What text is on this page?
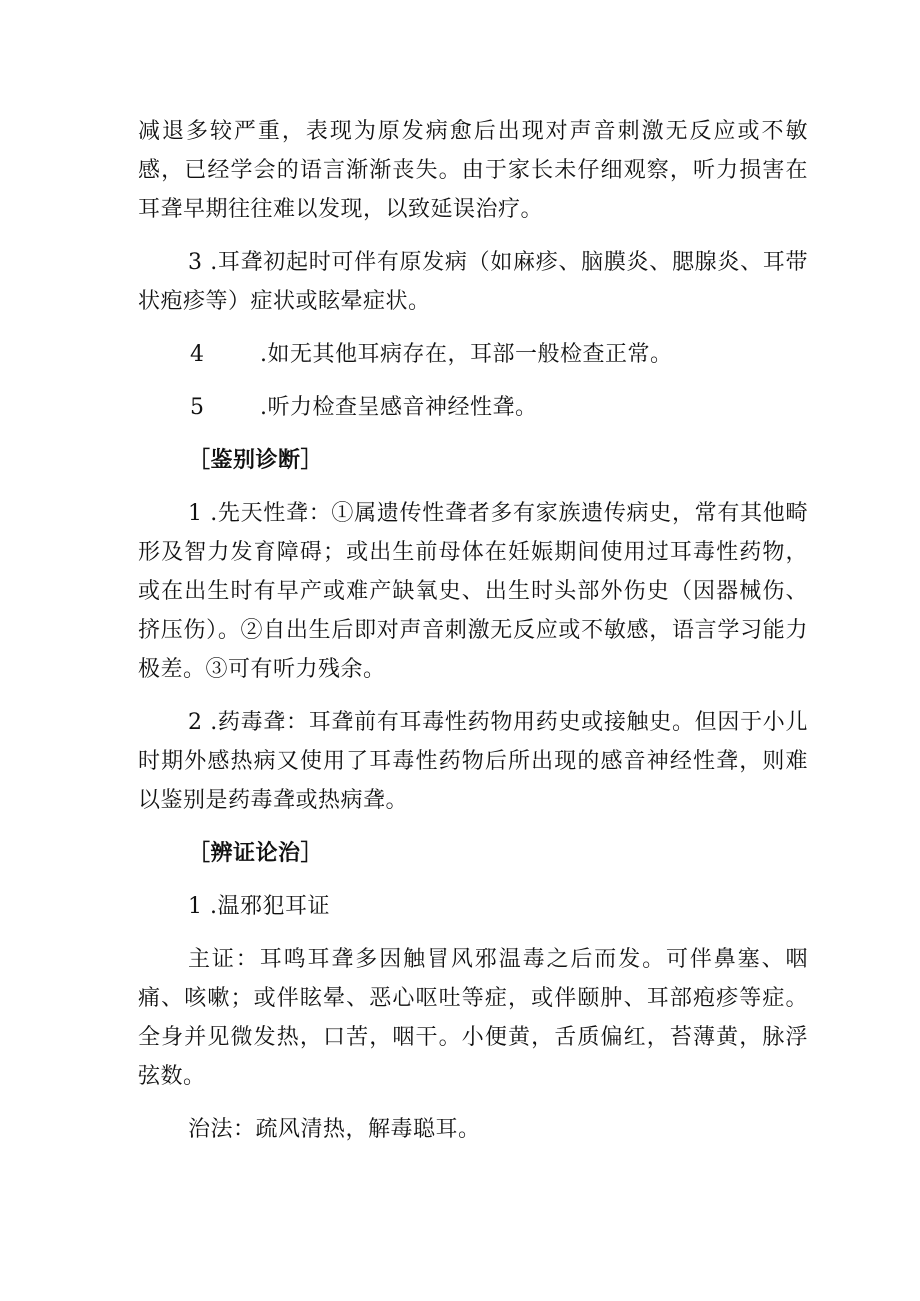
减退多较严重，表现为原发病愈后出现对声音刺激无反应或不敏感，已经学会的语言渐渐丧失。由于家长未仔细观察，听力损害在耳聋早期往往难以发现，以致延误治疗。

3 .耳聋初起时可伴有原发病（如麻疹、脑膜炎、腮腺炎、耳带状疱疹等）症状或眩晕症状。

4	.如无其他耳病存在，耳部一般检查正常。
5	.听力检查呈感音神经性聋。
［鉴别诊断］

1 .先天性聋：①属遗传性聋者多有家族遗传病史，常有其他畸形及智力发育障碍；或出生前母体在妊娠期间使用过耳毒性药物，或在出生时有早产或难产缺氧史、出生时头部外伤史（因器械伤、挤压伤）。②自出生后即对声音刺激无反应或不敏感，语言学习能力极差。③可有听力残余。

2 .药毒聋：耳聋前有耳毒性药物用药史或接触史。但因于小儿时期外感热病又使用了耳毒性药物后所出现的感音神经性聋，则难以鉴别是药毒聋或热病聋。

［辨证论治］

1 .温邪犯耳证

主证：耳鸣耳聋多因触冒风邪温毒之后而发。可伴鼻塞、咽痛、咳嗽；或伴眩晕、恶心呕吐等症，或伴颐肿、耳部疱疹等症。全身并见微发热，口苦，咽干。小便黄，舌质偏红，苔薄黄，脉浮弦数。

治法：疏风清热，解毒聪耳。
